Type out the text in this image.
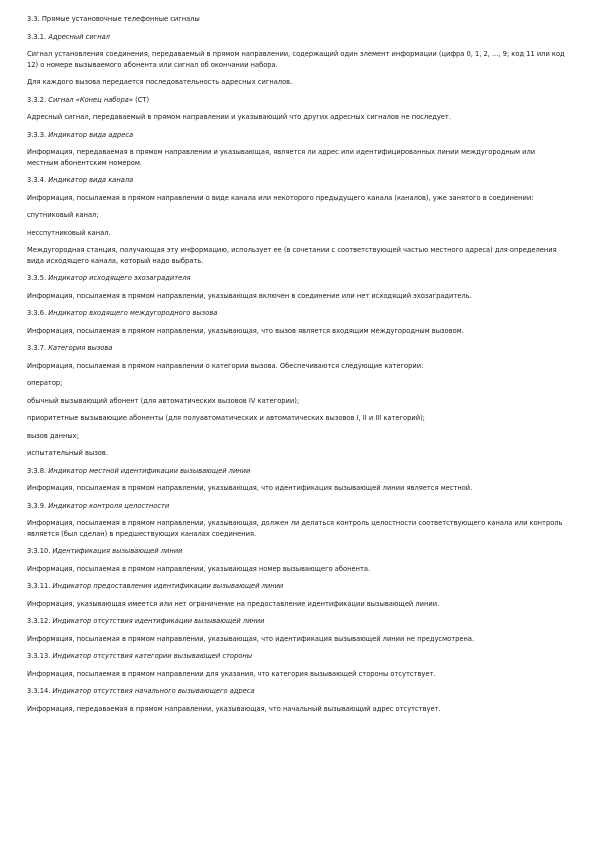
3.3. Прямые установочные телефонные сигналы
3.3.1. Адресный сигнал
Сигнал установления соединения, передаваемый в прямом направлении, содержащий один элемент информации (цифра 0, 1, 2, ..., 9; код 11 или код 12) о номере вызываемого абонента или сигнал об окончании набора.
Для каждого вызова передается последовательность адресных сигналов.
3.3.2. Сигнал «Конец набора» (СТ)
Адресный сигнал, передаваемый в прямом направлении и указывающий что других адресных сигналов не последует.
3.3.3. Индикатор вида адреса
Информация, передаваемая в прямом направлении и указывающая, является ли адрес или идентифицированных линии междугородным или местным абонентским номером.
3.3.4. Индикатор вида канала
Информация, посылаемая в прямом направлении о виде канала или некоторого предыдущего канала (каналов), уже занятого в соединении:
спутниковый канал;
несспутниковый канал.
Междугородная станция, получающая эту информацию, использует ее (в сочетании с соответствующей частью местного адреса) для определения вида исходящего канала, который надо выбрать.
3.3.5. Индикатор исходящего эхозаградителя
Информация, посылаемая в прямом направлении, указывающая включен в соединение или нет исходящий эхозаградитель.
3.3.6. Индикатор входящего междугородного вызова
Информация, посылаемая в прямом направлении, указывающая, что вызов является входящим междугородным вызовом.
3.3.7. Категория вызова
Информация, посылаемая в прямом направлении о категории вызова. Обеспечиваются следующие категории:
оператор;
обычный вызывающий абонент (для автоматических вызовов IV категории);
приоритетные вызывающие абоненты (для полуавтоматических и автоматических вызовов I, II и III категорий);
вызов данных;
испытательный вызов.
3.3.8. Индикатор местной идентификации вызывающей линии
Информация, посылаемая в прямом направлении, указывающая, что идентификация вызывающей линии является местной.
3.3.9. Индикатор контроля целостности
Информация, посылаемая в прямом направлении, указывающая, должен ли делаться контроль целостности соответствующего канала или контроль является (был сделан) в предшествующих каналах соединения.
3.3.10. Идентификация вызывающей линии
Информация, посылаемая в прямом направлении, указывающая номер вызывающего абонента.
3.3.11. Индикатор предоставления идентификации вызывающей линии
Информация, указывающая имеется или нет ограничение на предоставление идентификации вызывающей линии.
3.3.12. Индикатор отсутствия идентификации вызывающей линии
Информация, посылаемая в прямом направлении, указывающая, что идентификация вызывающей линии не предусмотрена.
3.3.13. Индикатор отсутствия категории вызывающей стороны
Информация, посылаемая в прямом направлении для указания, что категория вызывающей стороны отсутствует.
3.3.14. Индикатор отсутствия начального вызывающего адреса
Информация, передаваемая в прямом направлении, указывающая, что начальный вызывающий адрес отсутствует.
